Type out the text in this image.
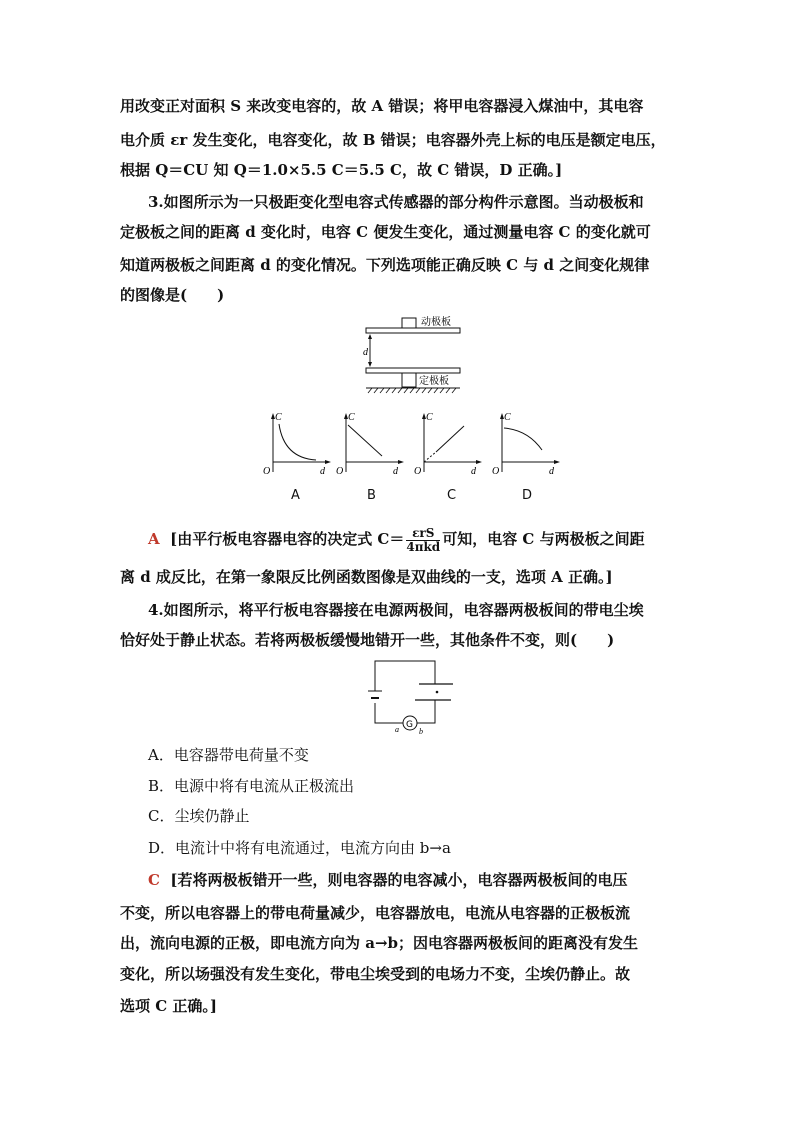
用改变正对面积 S 来改变电容的，故 A 错误；将甲电容器浸入煤油中，其电容
电介质 εr 发生变化，电容变化，故 B 错误；电容器外壳上标的电压是额定电压，
根据 Q＝CU 知 Q＝1.0×5.5 C＝5.5 C，故 C 错误，D 正确。]
3.如图所示为一只极距变化型电容式传感器的部分构件示意图。当动极板和
定极板之间的距离 d 变化时，电容 C 便发生变化，通过测量电容 C 的变化就可
知道两极板之间距离 d 的变化情况。下列选项能正确反映 C 与 d 之间变化规律
的图像是(　　)
d
动极板
定极板
C
d
O
C
d
O
C
d
O
C
d
O
A	B	C	D
A [由平行板电容器电容的决定式 $C= \frac{\text{εrS}}{\text{4πkd}}$ 可知，电容 C 与两极板之间距
离 d 成反比，在第一象限反比例函数图像是双曲线的一支，选项 A 正确。]
4.如图所示，将平行板电容器接在电源两极间，电容器两极板间的带电尘埃
恰好处于静止状态。若将两极板缓慢地错开一些，其他条件不变，则(　　)
G
a	b
A．电容器带电荷量不变
B．电源中将有电流从正极流出
C．尘埃仍静止
D．电流计中将有电流通过，电流方向由 b→a
C [若将两极板错开一些，则电容器的电容减小，电容器两极板间的电压
不变，所以电容器上的带电荷量减少，电容器放电，电流从电容器的正极板流
出，流向电源的正极，即电流方向为 a→b；因电容器两极板间的距离没有发生
变化，所以场强没有发生变化，带电尘埃受到的电场力不变，尘埃仍静止。故
选项 C 正确。]
